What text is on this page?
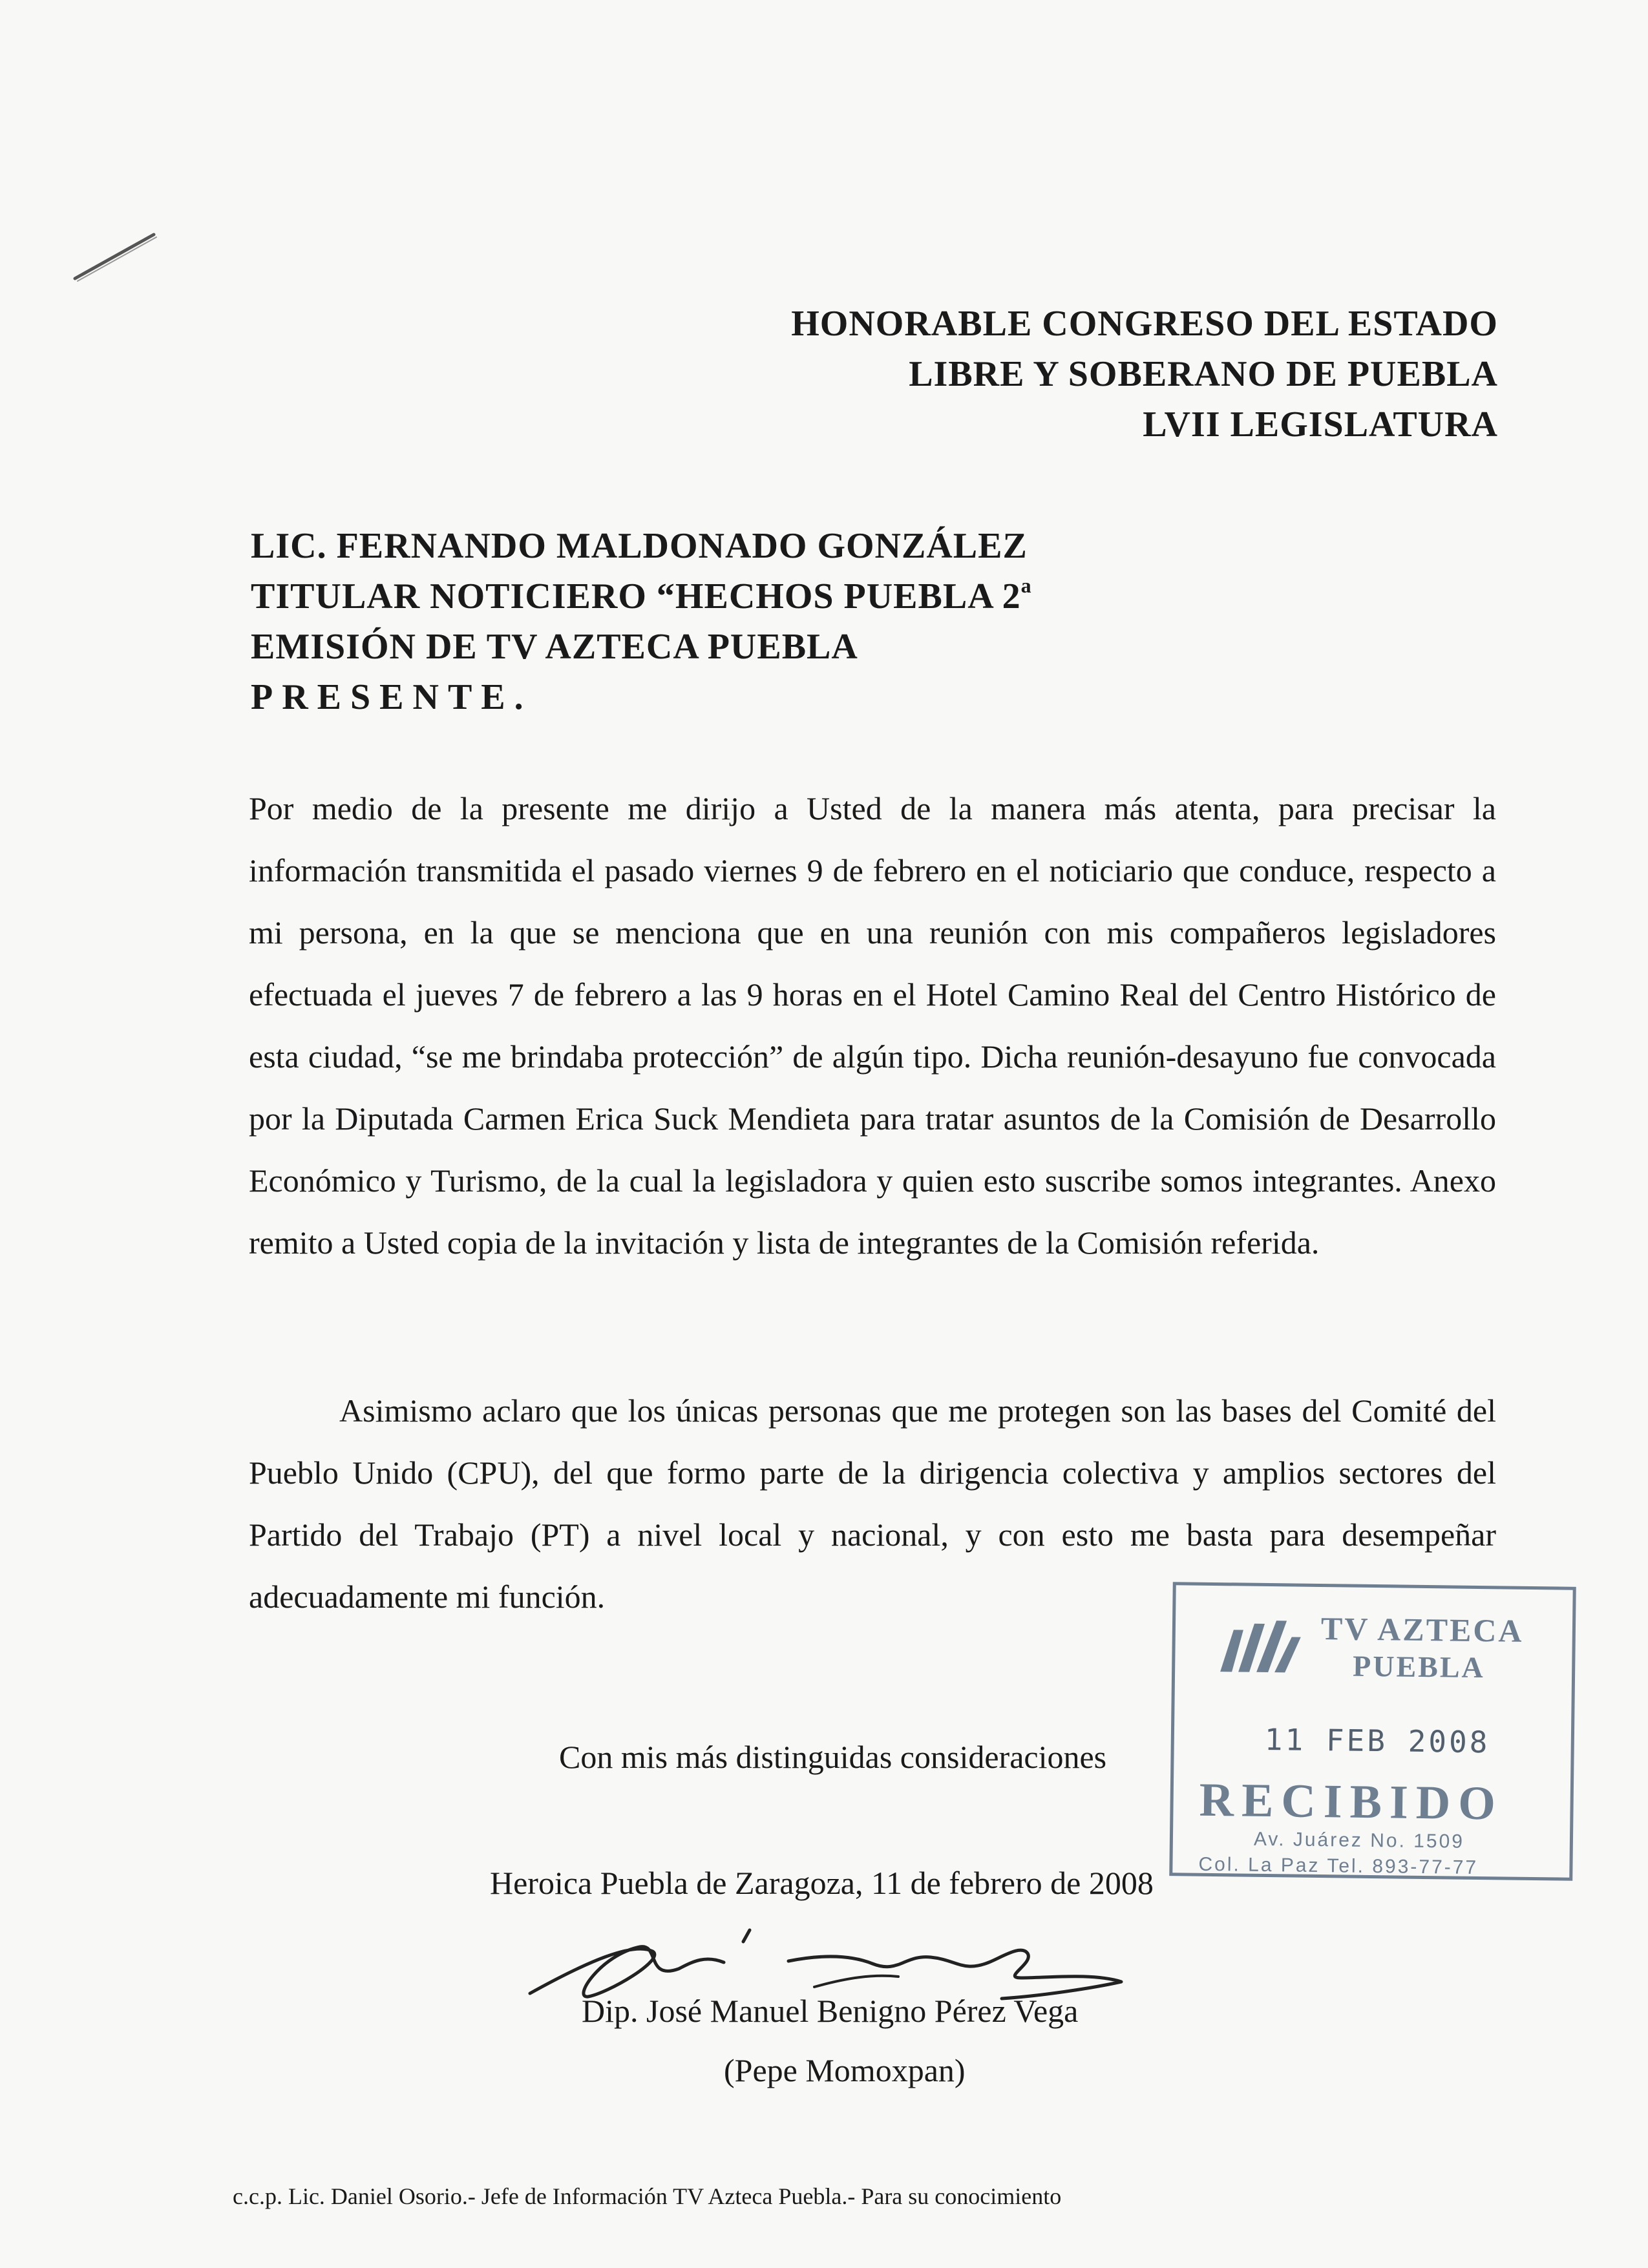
HONORABLE CONGRESO DEL ESTADO
LIBRE Y SOBERANO DE PUEBLA
LVII LEGISLATURA
LIC. FERNANDO MALDONADO GONZÁLEZ
TITULAR NOTICIERO “HECHOS PUEBLA 2$^a$
EMISIÓN DE TV AZTECA PUEBLA
PRESENTE.
Por medio de la presente me dirijo a Usted de la manera más atenta, para precisar la información transmitida el pasado viernes 9 de febrero en el noticiario que conduce, respecto a mi persona, en la que se menciona que en una reunión con mis compañeros legisladores efectuada el jueves 7 de febrero a las 9 horas en el Hotel Camino Real del Centro Histórico de esta ciudad, “se me brindaba protección” de algún tipo. Dicha reunión-desayuno fue convocada por la Diputada Carmen Erica Suck Mendieta para tratar asuntos de la Comisión de Desarrollo Económico y Turismo, de la cual la legisladora y quien esto suscribe somos integrantes. Anexo remito a Usted copia de la invitación y lista de integrantes de la Comisión referida.
Asimismo aclaro que los únicas personas que me protegen son las bases del Comité del Pueblo Unido (CPU), del que formo parte de la dirigencia colectiva y amplios sectores del Partido del Trabajo (PT) a nivel local y nacional, y con esto me basta para desempeñar adecuadamente mi función.
Con mis más distinguidas consideraciones
Heroica Puebla de Zaragoza, 11 de febrero de 2008
Dip. José Manuel Benigno Pérez Vega
(Pepe Momoxpan)
TV AZTECA
PUEBLA
11 FEB 2008
RECIBIDO
Av. Juárez No. 1509
Col. La Paz Tel. 893-77-77
c.c.p. Lic. Daniel Osorio.- Jefe de Información TV Azteca Puebla.- Para su conocimiento
